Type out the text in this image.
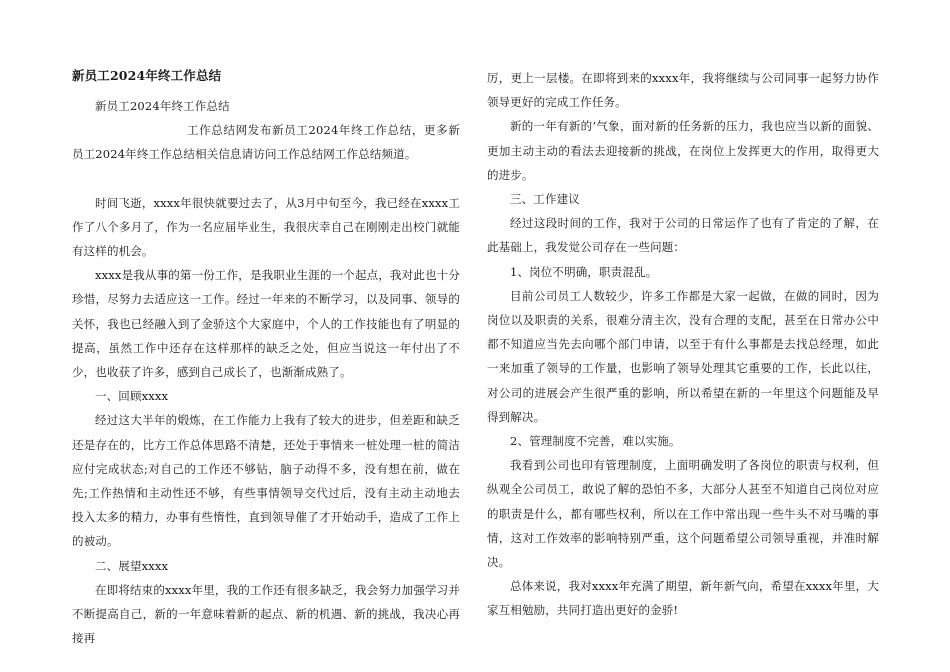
新员工2024年终工作总结
新员工2024年终工作总结
工作总结网发布新员工2024年终工作总结，更多新员工2024年终工作总结相关信息请访问工作总结网工作总结频道。
时间飞逝，xxxx年很快就要过去了，从3月中旬至今，我已经在xxxx工作了八个多月了，作为一名应届毕业生，我很庆幸自己在刚刚走出校门就能有这样的机会。
xxxx是我从事的第一份工作，是我职业生涯的一个起点，我对此也十分珍惜，尽努力去适应这一工作。经过一年来的不断学习，以及同事、领导的关怀，我也已经融入到了金骄这个大家庭中，个人的工作技能也有了明显的提高，虽然工作中还存在这样那样的缺乏之处，但应当说这一年付出了不少，也收获了许多，感到自己成长了，也渐渐成熟了。
一、回顾xxxx
经过这大半年的煅炼，在工作能力上我有了较大的进步，但差距和缺乏还是存在的，比方工作总体思路不清楚，还处于事情来一桩处理一桩的简洁应付完成状态;对自己的工作还不够钻，脑子动得不多，没有想在前，做在先;工作热情和主动性还不够，有些事情领导交代过后，没有主动主动地去投入太多的精力，办事有些惰性，直到领导催了才开始动手，造成了工作上的被动。
二、展望xxxx
在即将结束的xxxx年里，我的工作还有很多缺乏，我会努力加强学习并不断提高自己，新的一年意味着新的起点、新的机遇、新的挑战，我决心再接再
厉，更上一层楼。在即将到来的xxxx年，我将继续与公司同事一起努力协作领导更好的完成工作任务。
新的一年有新的’气象，面对新的任务新的压力，我也应当以新的面貌、更加主动主动的看法去迎接新的挑战，在岗位上发挥更大的作用，取得更大的进步。
三、工作建议
经过这段时间的工作，我对于公司的日常运作了也有了肯定的了解，在此基础上，我发觉公司存在一些问题：
1、岗位不明确，职责混乱。
目前公司员工人数较少，许多工作都是大家一起做，在做的同时，因为岗位以及职责的关系，很难分清主次，没有合理的支配，甚至在日常办公中都不知道应当先去向哪个部门申请，以至于有什么事都是去找总经理，如此一来加重了领导的工作量，也影响了领导处理其它重要的工作，长此以往，对公司的进展会产生很严重的影响，所以希望在新的一年里这个问题能及早得到解决。
2、管理制度不完善，难以实施。
我看到公司也印有管理制度，上面明确发明了各岗位的职责与权利，但纵观全公司员工，敢说了解的恐怕不多，大部分人甚至不知道自己岗位对应的职责是什么，都有哪些权利，所以在工作中常出现一些牛头不对马嘴的事情，这对工作效率的影响特别严重，这个问题希望公司领导重视，并准时解决。
总体来说，我对xxxx年充满了期望，新年新气向，希望在xxxx年里，大家互相勉励，共同打造出更好的金骄!
